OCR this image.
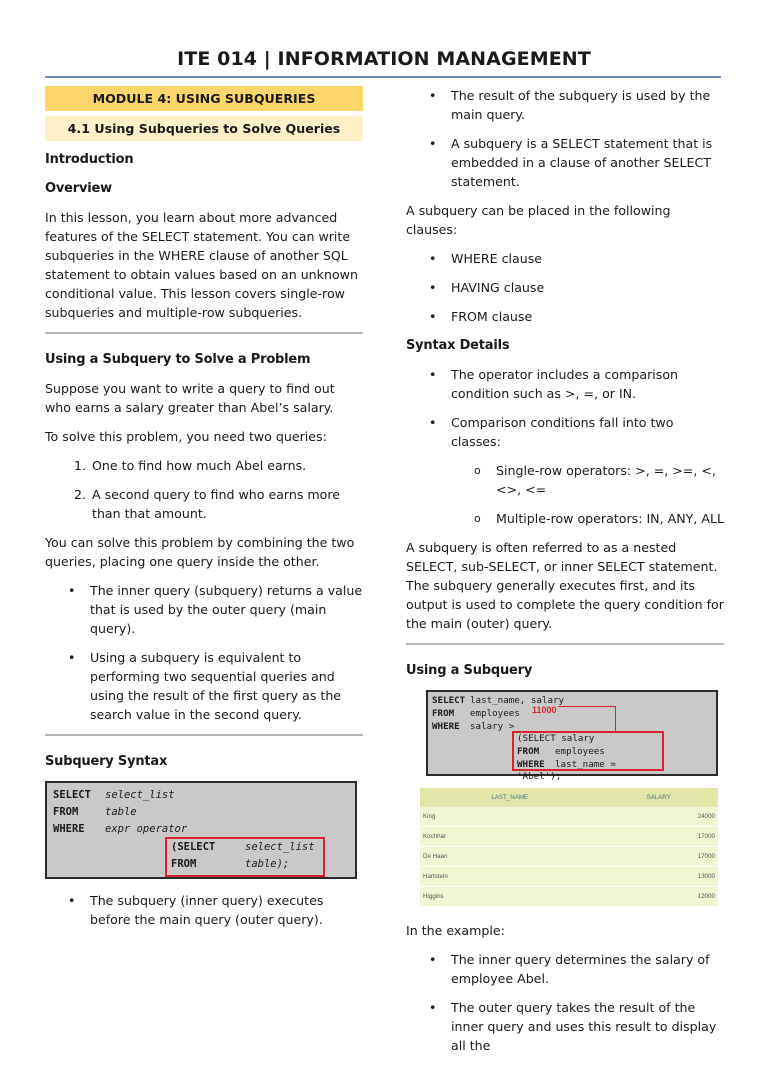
ITE 014 | INFORMATION MANAGEMENT
MODULE 4: USING SUBQUERIES
4.1 Using Subqueries to Solve Queries
Introduction
Overview

In this lesson, you learn about more advanced features of the SELECT statement. You can write subqueries in the WHERE clause of another SQL statement to obtain values based on an unknown conditional value. This lesson covers single-row subqueries and multiple-row subqueries.

Using a Subquery to Solve a Problem

Suppose you want to write a query to find out who earns a salary greater than Abel’s salary.

To solve this problem, you need two queries:

1. One to find how much Abel earns.
2. A second query to find who earns more than that amount.

You can solve this problem by combining the two queries, placing one query inside the other.

• The inner query (subquery) returns a value that is used by the outer query (main query).
• Using a subquery is equivalent to performing two sequential queries and using the result of the first query as the search value in the second query.
Subquery Syntax
SELECT select_list
FROM	table
WHERE expr operator
(SELECT	select_list
FROM	table);
• The subquery (inner query) executes before the main query (outer query).
• The result of the subquery is used by the main query.
• A subquery is a SELECT statement that is embedded in a clause of another SELECT statement.

A subquery can be placed in the following clauses:

• WHERE clause
• HAVING clause
• FROM clause
Syntax Details
• The operator includes a comparison condition such as >, =, or IN.
• Comparison conditions fall into two classes:
o Single-row operators: >, =, >=, <, <>, <=
o Multiple-row operators: IN, ANY, ALL

A subquery is often referred to as a nested SELECT, sub-SELECT, or inner SELECT statement.

The subquery generally executes first, and its output is used to complete the query condition for the main (outer) query.

Using a Subquery
SELECT last_name, salary
FROM employees
WHERE salary >
11000
(SELECT salary
FROM employees
WHERE last_name = 'Abel');
LAST_NAME	SALARY
King	24000
Kochhar	17000
De Haan	17000
Hartstein	13000
Higgins	12000

In the example:

• The inner query determines the salary of employee Abel.
• The outer query takes the result of the inner query and uses this result to display all the
